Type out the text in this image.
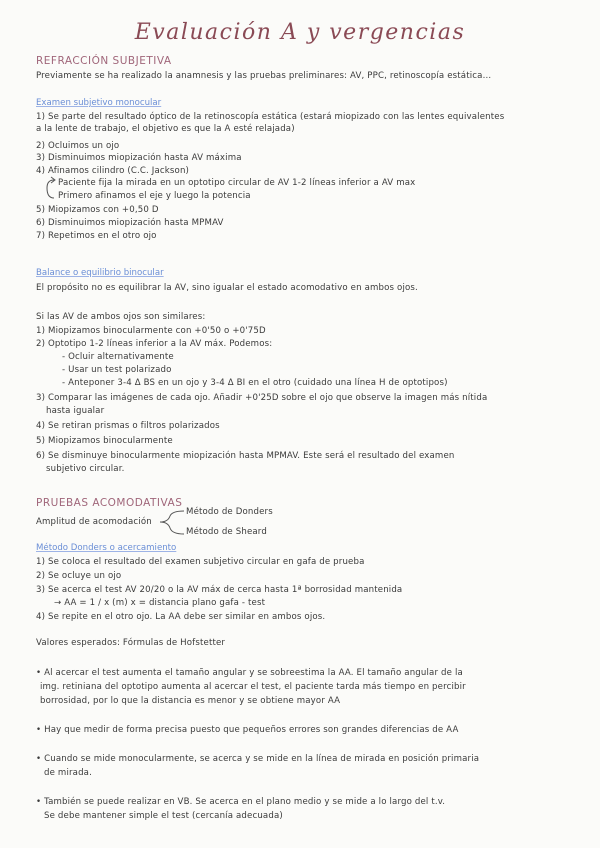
Evaluación A y vergencias
REFRACCIÓN SUBJETIVA
Previamente se ha realizado la anamnesis y las pruebas preliminares: AV, PPC, retinoscopía estática...
Examen subjetivo monocular
1) Se parte del resultado óptico de la retinoscopía estática (estará miopizado con las lentes equivalentes
a la lente de trabajo, el objetivo es que la A esté relajada)
2) Ocluimos un ojo
3) Disminuimos miopización hasta AV máxima
4) Afinamos cilindro (C.C. Jackson)
Paciente fija la mirada en un optotipo circular de AV 1-2 líneas inferior a AV max
Primero afinamos el eje y luego la potencia
5) Miopizamos con +0,50 D
6) Disminuimos miopización hasta MPMAV
7) Repetimos en el otro ojo
Balance o equilibrio binocular
El propósito no es equilibrar la AV, sino igualar el estado acomodativo en ambos ojos.
Si las AV de ambos ojos son similares:
1) Miopizamos binocularmente con +0'50 o +0'75D
2) Optotipo 1-2 líneas inferior a la AV máx. Podemos:
- Ocluir alternativamente
- Usar un test polarizado
- Anteponer 3-4 Δ BS en un ojo y 3-4 Δ BI en el otro (cuidado una línea H de optotipos)
3) Comparar las imágenes de cada ojo. Añadir +0'25D sobre el ojo que observe la imagen más nítida
hasta igualar
4) Se retiran prismas o filtros polarizados
5) Miopizamos binocularmente
6) Se disminuye binocularmente miopización hasta MPMAV. Este será el resultado del examen
subjetivo circular.
PRUEBAS ACOMODATIVAS
Amplitud de acomodación
Método de Donders
Método de Sheard
Método Donders o acercamiento
1) Se coloca el resultado del examen subjetivo circular en gafa de prueba
2) Se ocluye un ojo
3) Se acerca el test AV 20/20 o la AV máx de cerca hasta 1ª borrosidad mantenida
→ AA = 1 / x (m) x = distancia plano gafa - test
4) Se repite en el otro ojo. La AA debe ser similar en ambos ojos.
Valores esperados: Fórmulas de Hofstetter
• Al acercar el test aumenta el tamaño angular y se sobreestima la AA. El tamaño angular de la
img. retiniana del optotipo aumenta al acercar el test, el paciente tarda más tiempo en percibir
borrosidad, por lo que la distancia es menor y se obtiene mayor AA
• Hay que medir de forma precisa puesto que pequeños errores son grandes diferencias de AA
• Cuando se mide monocularmente, se acerca y se mide en la línea de mirada en posición primaria
de mirada.
• También se puede realizar en VB. Se acerca en el plano medio y se mide a lo largo del t.v.
Se debe mantener simple el test (cercanía adecuada)
